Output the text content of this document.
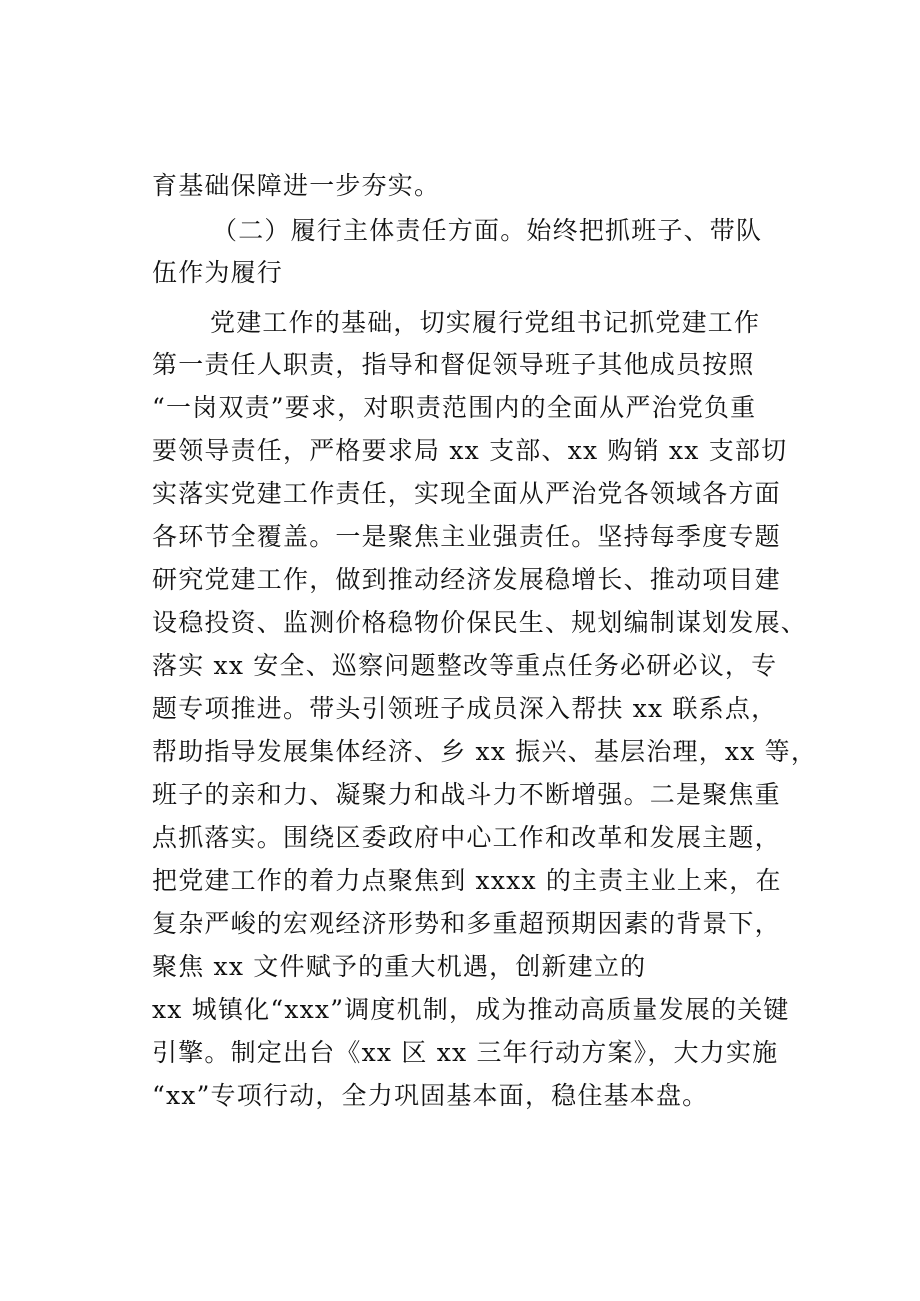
育基础保障进一步夯实。
（二）履行主体责任方面。始终把抓班子、带队
伍作为履行
党建工作的基础，切实履行党组书记抓党建工作
第一责任人职责，指导和督促领导班子其他成员按照
“一岗双责”要求，对职责范围内的全面从严治党负重
要领导责任，严格要求局 xx 支部、xx 购销 xx 支部切
实落实党建工作责任，实现全面从严治党各领域各方面
各环节全覆盖。一是聚焦主业强责任。坚持每季度专题
研究党建工作，做到推动经济发展稳增长、推动项目建
设稳投资、监测价格稳物价保民生、规划编制谋划发展、
落实 xx 安全、巡察问题整改等重点任务必研必议，专
题专项推进。带头引领班子成员深入帮扶 xx 联系点，
帮助指导发展集体经济、乡 xx 振兴、基层治理，xx 等，
班子的亲和力、凝聚力和战斗力不断增强。二是聚焦重
点抓落实。围绕区委政府中心工作和改革和发展主题，
把党建工作的着力点聚焦到 xxxx 的主责主业上来，在
复杂严峻的宏观经济形势和多重超预期因素的背景下，
聚焦 xx 文件赋予的重大机遇，创新建立的
xx 城镇化“xxx”调度机制，成为推动高质量发展的关键
引擎。制定出台《xx 区 xx 三年行动方案》，大力实施
“xx”专项行动，全力巩固基本面，稳住基本盘。
